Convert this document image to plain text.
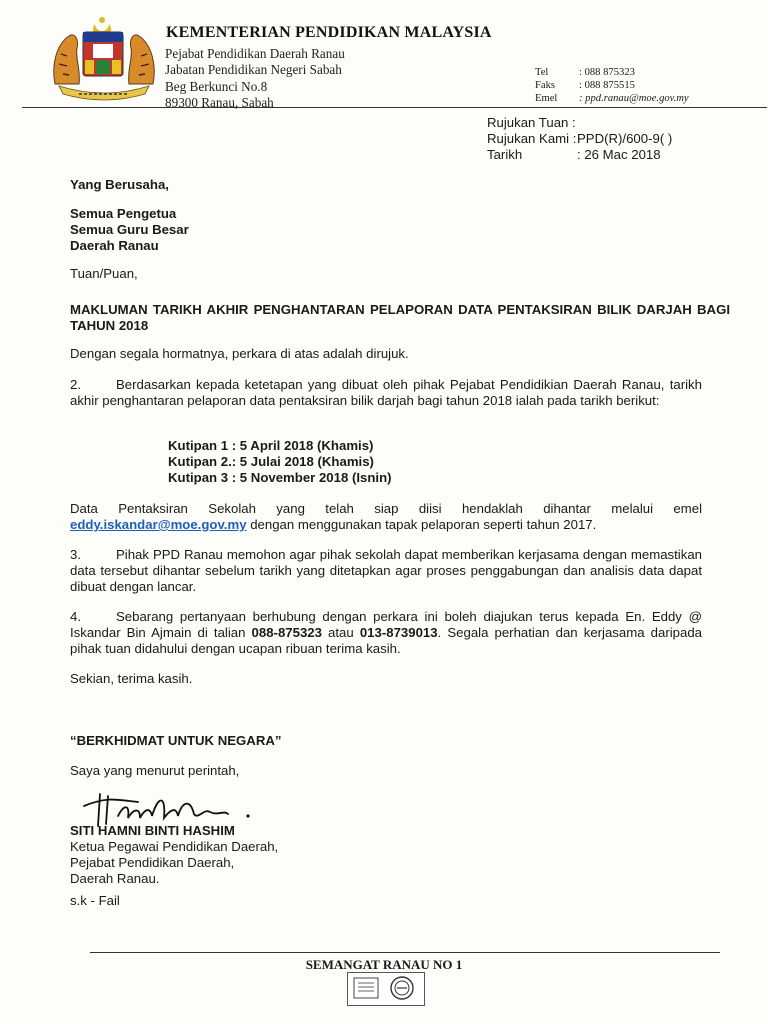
KEMENTERIAN PENDIDIKAN MALAYSIA
Pejabat Pendidikan Daerah Ranau
Jabatan Pendidikan Negeri Sabah
Beg Berkunci No.8
89300 Ranau, Sabah
Tel	: 088 875323
Faks	: 088 875515
Emel	: ppd.ranau@moe.gov.my
Rujukan Tuan :
Rujukan Kami : PPD(R)/600-9( )
Tarikh	: 26 Mac 2018
Yang Berusaha,
Semua Pengetua
Semua Guru Besar
Daerah Ranau
Tuan/Puan,
MAKLUMAN TARIKH AKHIR PENGHANTARAN PELAPORAN DATA PENTAKSIRAN BILIK DARJAH BAGI TAHUN 2018
Dengan segala hormatnya, perkara di atas adalah dirujuk.
2.	Berdasarkan kepada ketetapan yang dibuat oleh pihak Pejabat Pendidikian Daerah Ranau, tarikh akhir penghantaran pelaporan data pentaksiran bilik darjah bagi tahun 2018 ialah pada tarikh berikut:
Kutipan 1 : 5 April 2018 (Khamis)
Kutipan 2.: 5 Julai 2018 (Khamis)
Kutipan 3 : 5 November 2018 (Isnin)
Data Pentaksiran Sekolah yang telah siap diisi hendaklah dihantar melalui emel eddy.iskandar@moe.gov.my dengan menggunakan tapak pelaporan seperti tahun 2017.
3.	Pihak PPD Ranau memohon agar pihak sekolah dapat memberikan kerjasama dengan memastikan data tersebut dihantar sebelum tarikh yang ditetapkan agar proses penggabungan dan analisis data dapat dibuat dengan lancar.
4.	Sebarang pertanyaan berhubung dengan perkara ini boleh diajukan terus kepada En. Eddy @ Iskandar Bin Ajmain di talian 088-875323 atau 013-8739013. Segala perhatian dan kerjasama daripada pihak tuan didahului dengan ucapan ribuan terima kasih.
Sekian, terima kasih.
“BERKHIDMAT UNTUK NEGARA”
Saya yang menurut perintah,
SITI HAMNI BINTI HASHIM
Ketua Pegawai Pendidikan Daerah,
Pejabat Pendidikan Daerah,
Daerah Ranau.
s.k - Fail
SEMANGAT RANAU NO 1
